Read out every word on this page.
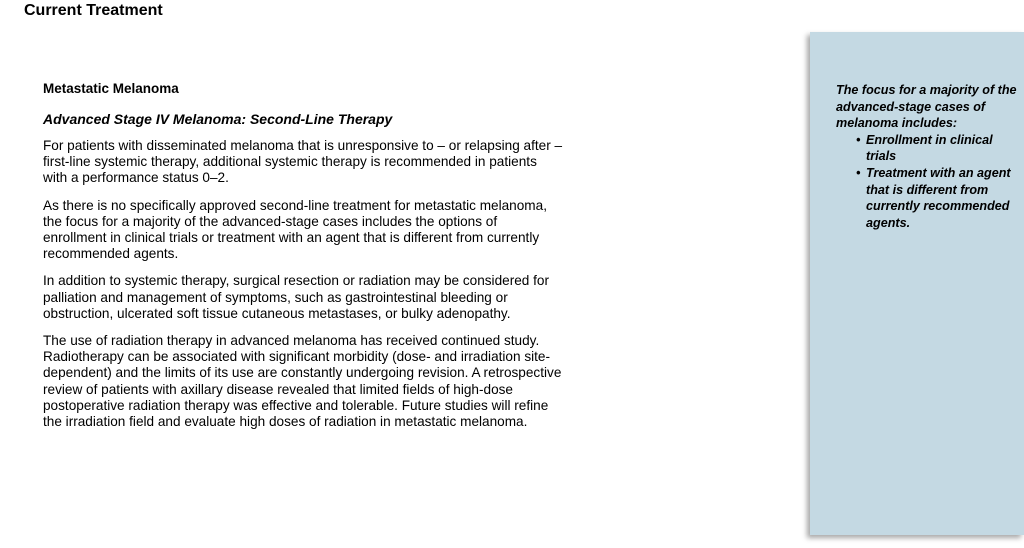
Current Treatment
Metastatic Melanoma
Advanced Stage IV Melanoma: Second-Line Therapy

For patients with disseminated melanoma that is unresponsive to – or relapsing after – first-line systemic therapy, additional systemic therapy is recommended in patients with a performance status 0–2.

As there is no specifically approved second-line treatment for metastatic melanoma, the focus for a majority of the advanced-stage cases includes the options of enrollment in clinical trials or treatment with an agent that is different from currently recommended agents.

In addition to systemic therapy, surgical resection or radiation may be considered for palliation and management of symptoms, such as gastrointestinal bleeding or obstruction, ulcerated soft tissue cutaneous metastases, or bulky adenopathy.

The use of radiation therapy in advanced melanoma has received continued study. Radiotherapy can be associated with significant morbidity (dose- and irradiation site-dependent) and the limits of its use are constantly undergoing revision. A retrospective review of patients with axillary disease revealed that limited fields of high-dose postoperative radiation therapy was effective and tolerable. Future studies will refine the irradiation field and evaluate high doses of radiation in metastatic melanoma.

The focus for a majority of the advanced-stage cases of melanoma includes:

• Enrollment in clinical trials
• Treatment with an agent that is different from currently recommended agents.
